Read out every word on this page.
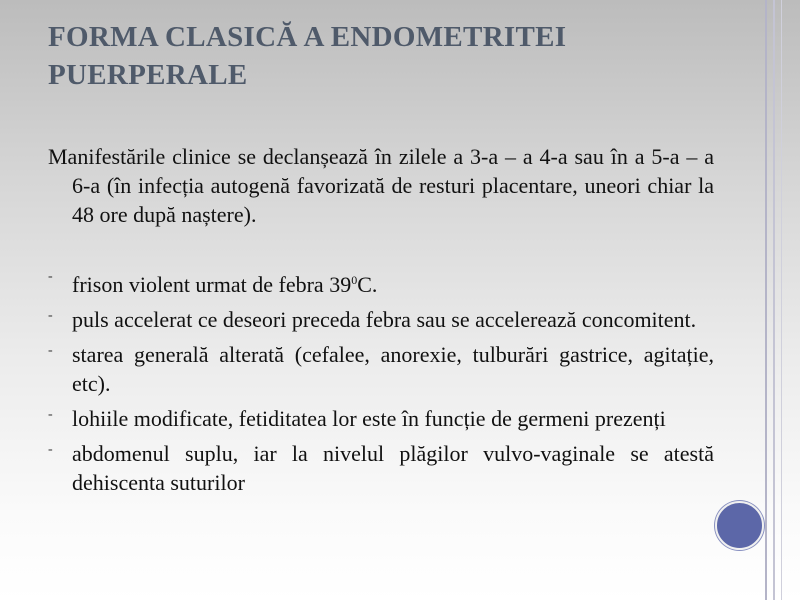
FORMA CLASICĂ A ENDOMETRITEI PUERPERALE

Manifestările clinice se declanșează în zilele a 3-a – a 4-a sau în a 5-a – a 6-a (în infecția autogenă favorizată de resturi placentare, uneori chiar la 48 ore după naștere).

- frison violent urmat de febra $39^0C$.
- puls accelerat ce deseori preceda febra sau se accelerează concomitent.
- starea generală alterată (cefalee, anorexie, tulburări gastrice, agitație, etc).
- lohiile modificate, fetiditatea lor este în funcție de germeni prezenți
- abdomenul suplu, iar la nivelul plăgilor vulvo-vaginale se atestă dehiscenta suturilor
